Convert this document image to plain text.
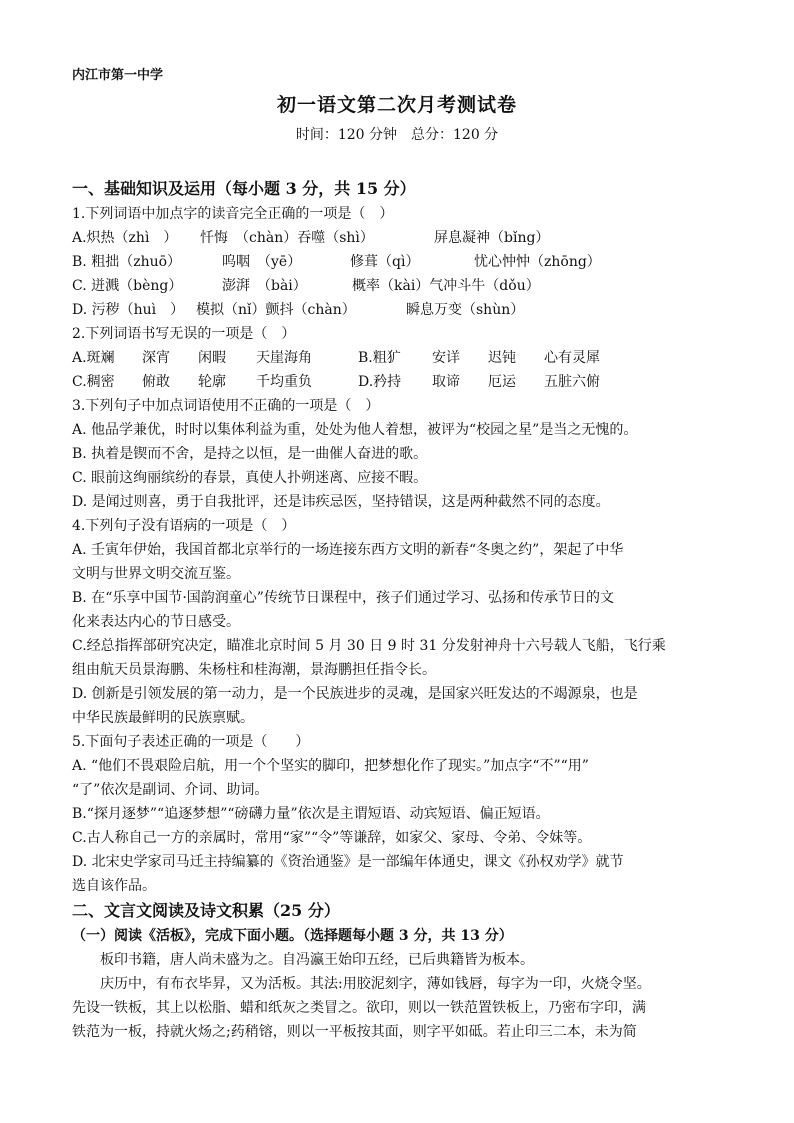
内江市第一中学
初一语文第二次月考测试卷
时间：120 分钟　总分：120 分
一、基础知识及运用（每小题 3 分，共 15 分）
1.下列词语中加点字的读音完全正确的一项是（　）
A.炽热（zhì　）	忏悔　（chàn）吞噬（shì）	屏息凝神（bǐng）
B. 粗拙（zhuō）	呜咽　（yē）	修葺（qì）	忧心忡忡（zhōng）
C. 迸溅（bèng）	澎湃　（bài）	概率（kài）气冲斗牛（dǒu）
D. 污秽（huì　） 模拟（nǐ）颤抖（chàn）	瞬息万变（shùn）
2.下列词语书写无误的一项是（　）
A.斑斓	深宵	闲暇	天崖海角	B.粗犷	安详	迟钝	心有灵犀
C.稠密	俯敢	轮廓	千均重负	D.矜持	取谛	厄运	五脏六俯
3.下列句子中加点词语使用不正确的一项是（　）
A. 他品学兼优，时时以集体利益为重，处处为他人着想，被评为“校园之星”是当之无愧的。
B. 执着是锲而不舍，是持之以恒，是一曲催人奋进的歌。
C. 眼前这绚丽缤纷的春景，真使人扑朔迷离、应接不暇。
D. 是闻过则喜，勇于自我批评，还是讳疾忌医，坚持错误，这是两种截然不同的态度。
4.下列句子没有语病的一项是（　）
A. 壬寅年伊始，我国首都北京举行的一场连接东西方文明的新春“冬奥之约”，架起了中华
文明与世界文明交流互鉴。
B. 在“乐享中国节·国韵润童心”传统节日课程中，孩子们通过学习、弘扬和传承节日的文
化来表达内心的节日感受。
C.经总指挥部研究决定，瞄准北京时间 5 月 30 日 9 时 31 分发射神舟十六号载人飞船，飞行乘
组由航天员景海鹏、朱杨柱和桂海潮，景海鹏担任指令长。
D. 创新是引领发展的第一动力，是一个民族进步的灵魂，是国家兴旺发达的不竭源泉，也是
中华民族最鲜明的民族禀赋。
5.下面句子表述正确的一项是（　　）
A. “他们不畏艰险启航，用一个个坚实的脚印，把梦想化作了现实。”加点字“不”“用”
“了”依次是副词、介词、助词。
B.“探月逐梦”“追逐梦想”“磅礴力量”依次是主谓短语、动宾短语、偏正短语。
C.古人称自己一方的亲属时，常用“家”“令”等谦辞，如家父、家母、令弟、令妹等。
D. 北宋史学家司马迁主持编纂的《资治通鉴》是一部编年体通史，课文《孙权劝学》就节
选自该作品。
二、文言文阅读及诗文积累（25 分）
（一）阅读《活板》，完成下面小题。（选择题每小题 3 分，共 13 分）
板印书籍，唐人尚未盛为之。自冯瀛王始印五经，已后典籍皆为板本。
庆历中，有布衣毕昇，又为活板。其法:用胶泥刻字，薄如钱唇，每字为一印，火烧令坚。
先设一铁板，其上以松脂、蜡和纸灰之类冒之。欲印，则以一铁范置铁板上，乃密布字印，满
铁范为一板，持就火炀之;药稍镕，则以一平板按其面，则字平如砥。若止印三二本，未为简
